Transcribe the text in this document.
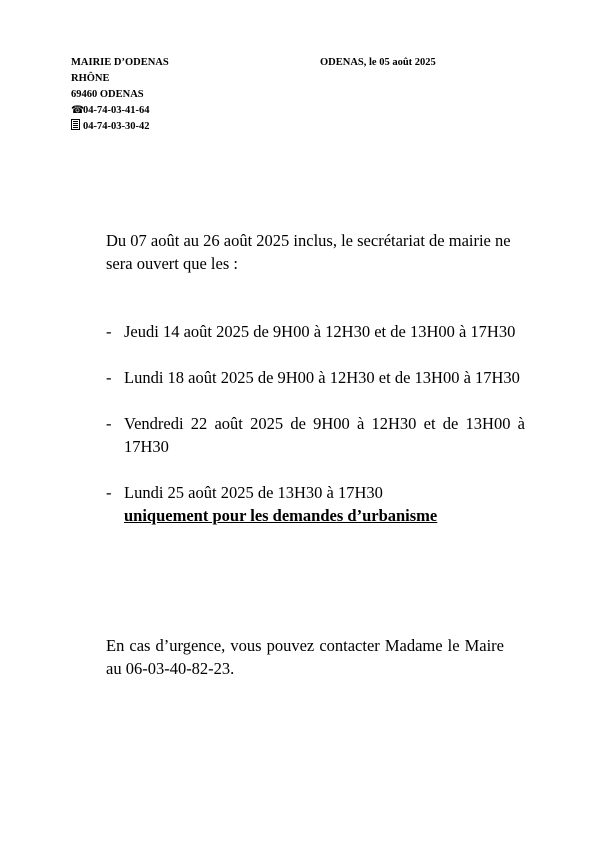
MAIRIE D’ODENAS
RHÔNE
69460 ODENAS
☎04-74-03-41-64
04-74-03-30-42
ODENAS, le 05 août 2025
Du 07 août au 26 août 2025 inclus, le secrétariat de mairie ne sera ouvert que les :
- Jeudi 14 août 2025 de 9H00 à 12H30 et de 13H00 à 17H30
- Lundi 18 août 2025 de 9H00 à 12H30 et de 13H00 à 17H30
- Vendredi 22 août 2025 de 9H00 à 12H30 et de 13H00 à 17H30
- Lundi 25 août 2025 de 13H30 à 17H30
uniquement pour les demandes d’urbanisme
En cas d’urgence, vous pouvez contacter Madame le Maire au 06-03-40-82-23.
